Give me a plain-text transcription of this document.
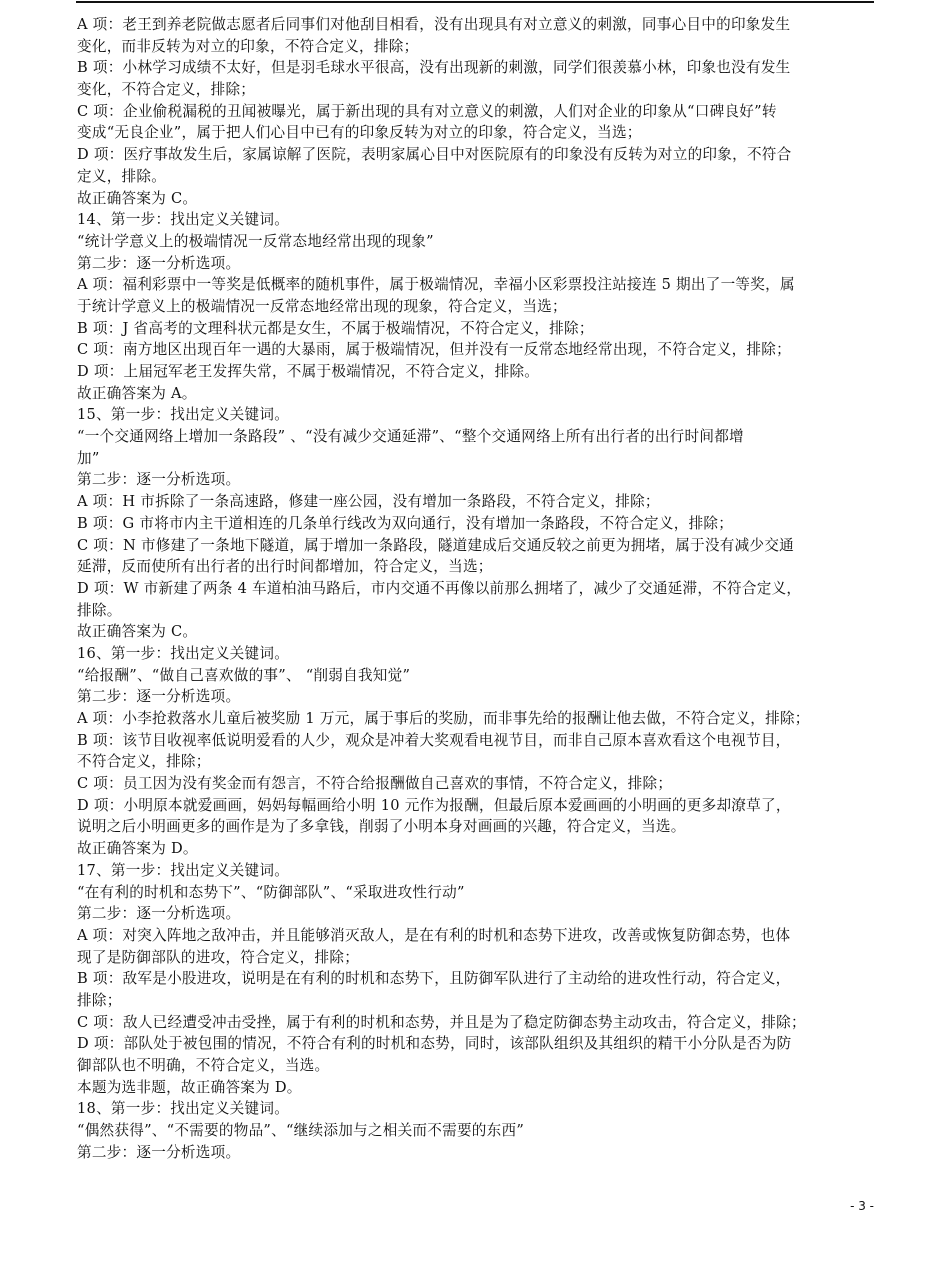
A 项：老王到养老院做志愿者后同事们对他刮目相看，没有出现具有对立意义的刺激，同事心目中的印象发生
变化，而非反转为对立的印象，不符合定义，排除；
B 项：小林学习成绩不太好，但是羽毛球水平很高，没有出现新的刺激，同学们很羡慕小林，印象也没有发生
变化，不符合定义，排除；
C 项：企业偷税漏税的丑闻被曝光，属于新出现的具有对立意义的刺激，人们对企业的印象从“口碑良好”转
变成“无良企业”，属于把人们心目中已有的印象反转为对立的印象，符合定义，当选；
D 项：医疗事故发生后，家属谅解了医院，表明家属心目中对医院原有的印象没有反转为对立的印象，不符合
定义，排除。
故正确答案为 C。
14、第一步：找出定义关键词。
“统计学意义上的极端情况一反常态地经常出现的现象”
第二步：逐一分析选项。
A 项：福利彩票中一等奖是低概率的随机事件，属于极端情况，幸福小区彩票投注站接连 5 期出了一等奖，属
于统计学意义上的极端情况一反常态地经常出现的现象，符合定义，当选；
B 项：J 省高考的文理科状元都是女生，不属于极端情况，不符合定义，排除；
C 项：南方地区出现百年一遇的大暴雨，属于极端情况，但并没有一反常态地经常出现，不符合定义，排除；
D 项：上届冠军老王发挥失常，不属于极端情况，不符合定义，排除。
故正确答案为 A。
15、第一步：找出定义关键词。
“一个交通网络上增加一条路段” 、“没有减少交通延滞”、“整个交通网络上所有出行者的出行时间都增
加”
第二步：逐一分析选项。
A 项：H 市拆除了一条高速路，修建一座公园，没有增加一条路段，不符合定义，排除；
B 项：G 市将市内主干道相连的几条单行线改为双向通行，没有增加一条路段，不符合定义，排除；
C 项：N 市修建了一条地下隧道，属于增加一条路段，隧道建成后交通反较之前更为拥堵，属于没有减少交通
延滞，反而使所有出行者的出行时间都增加，符合定义，当选；
D 项：W 市新建了两条 4 车道柏油马路后，市内交通不再像以前那么拥堵了，减少了交通延滞，不符合定义，
排除。
故正确答案为 C。
16、第一步：找出定义关键词。
“给报酬”、“做自己喜欢做的事”、 “削弱自我知觉”
第二步：逐一分析选项。
A 项：小李抢救落水儿童后被奖励 1 万元，属于事后的奖励，而非事先给的报酬让他去做，不符合定义，排除；
B 项：该节目收视率低说明爱看的人少，观众是冲着大奖观看电视节目，而非自己原本喜欢看这个电视节目，
不符合定义，排除；
C 项：员工因为没有奖金而有怨言，不符合给报酬做自己喜欢的事情，不符合定义，排除；
D 项：小明原本就爱画画，妈妈每幅画给小明 10 元作为报酬，但最后原本爱画画的小明画的更多却潦草了，
说明之后小明画更多的画作是为了多拿钱，削弱了小明本身对画画的兴趣，符合定义，当选。
故正确答案为 D。
17、第一步：找出定义关键词。
“在有利的时机和态势下”、“防御部队”、“采取进攻性行动”
第二步：逐一分析选项。
A 项：对突入阵地之敌冲击，并且能够消灭敌人，是在有利的时机和态势下进攻，改善或恢复防御态势，也体
现了是防御部队的进攻，符合定义，排除；
B 项：敌军是小股进攻，说明是在有利的时机和态势下，且防御军队进行了主动给的进攻性行动，符合定义，
排除；
C 项：敌人已经遭受冲击受挫，属于有利的时机和态势，并且是为了稳定防御态势主动攻击，符合定义，排除；
D 项：部队处于被包围的情况，不符合有利的时机和态势，同时，该部队组织及其组织的精干小分队是否为防
御部队也不明确，不符合定义，当选。
本题为选非题，故正确答案为 D。
18、第一步：找出定义关键词。
“偶然获得”、“不需要的物品”、“继续添加与之相关而不需要的东西”
第二步：逐一分析选项。
- 3 -
